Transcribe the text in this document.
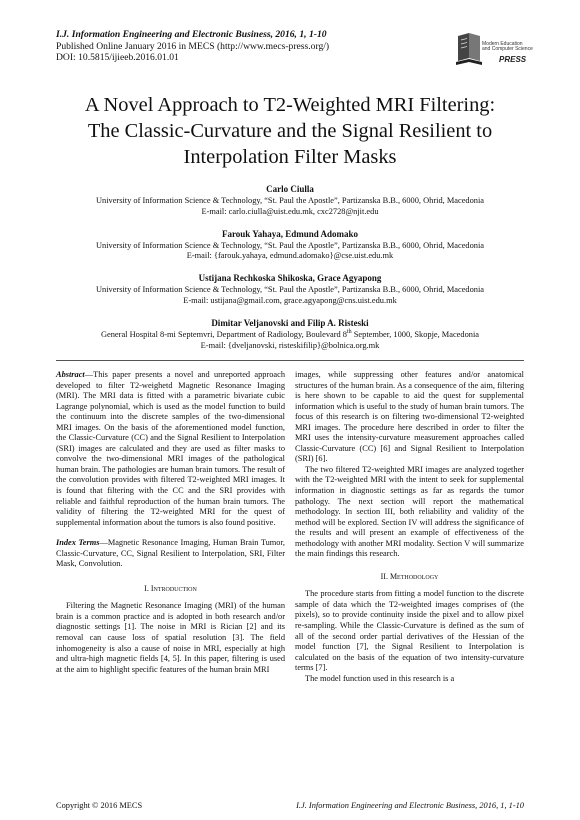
I.J. Information Engineering and Electronic Business, 2016, 1, 1-10
Published Online January 2016 in MECS (http://www.mecs-press.org/)
DOI: 10.5815/ijieeb.2016.01.01
Modern Education
and Computer Science
PRESS
A Novel Approach to T2-Weighted MRI Filtering:
The Classic-Curvature and the Signal Resilient to
Interpolation Filter Masks
Carlo Ciulla
University of Information Science & Technology, “St. Paul the Apostle”, Partizanska B.B., 6000, Ohrid, Macedonia
E-mail: carlo.ciulla@uist.edu.mk, cxc2728@njit.edu
Farouk Yahaya, Edmund Adomako
University of Information Science & Technology, “St. Paul the Apostle”, Partizanska B.B., 6000, Ohrid, Macedonia
E-mail: {farouk.yahaya, edmund.adomako}@cse.uist.edu.mk
Ustijana Rechkoska Shikoska, Grace Agyapong
University of Information Science & Technology, “St. Paul the Apostle”, Partizanska B.B., 6000, Ohrid, Macedonia
E-mail: ustijana@gmail.com, grace.agyapong@cns.uist.edu.mk
Dimitar Veljanovski and Filip A. Risteski
General Hospital 8-mi Septemvri, Department of Radiology, Boulevard 8th September, 1000, Skopje, Macedonia
E-mail: {dveljanovski, risteskifilip}@bolnica.org.mk

Abstract—This paper presents a novel and unreported approach developed to filter T2-weighetd Magnetic Resonance Imaging (MRI). The MRI data is fitted with a parametric bivariate cubic Lagrange polynomial, which is used as the model function to build the continuum into the discrete samples of the two-dimensional MRI images. On the basis of the aforementioned model function, the Classic-Curvature (CC) and the Signal Resilient to Interpolation (SRI) images are calculated and they are used as filter masks to convolve the two-dimensional MRI images of the pathological human brain. The pathologies are human brain tumors. The result of the convolution provides with filtered T2-weighted MRI images. It is found that filtering with the CC and the SRI provides with reliable and faithful reproduction of the human brain tumors. The validity of filtering the T2-weighted MRI for the quest of supplemental information about the tumors is also found positive.

Index Terms—Magnetic Resonance Imaging, Human Brain Tumor, Classic-Curvature, CC, Signal Resilient to Interpolation, SRI, Filter Mask, Convolution.

I. Introduction

Filtering the Magnetic Resonance Imaging (MRI) of the human brain is a common practice and is adopted in both research and/or diagnostic settings [1]. The noise in MRI is Rician [2] and its removal can cause loss of spatial resolution [3]. The field inhomogeneity is also a cause of noise in MRI, especially at high and ultra-high magnetic fields [4, 5]. In this paper, filtering is used at the aim to highlight specific features of the human brain MRI

images, while suppressing other features and/or anatomical structures of the human brain. As a consequence of the aim, filtering is here shown to be capable to aid the quest for supplemental information which is useful to the study of human brain tumors. The focus of this research is on filtering two-dimensional T2-weighted MRI images. The procedure here described in order to filter the MRI uses the intensity-curvature measurement approaches called Classic-Curvature (CC) [6] and Signal Resilient to Interpolation (SRI) [6].

The two filtered T2-weighted MRI images are analyzed together with the T2-weighted MRI with the intent to seek for supplemental information in diagnostic settings as far as regards the tumor pathology. The next section will report the mathematical methodology. In section III, both reliability and validity of the method will be explored. Section IV will address the significance of the results and will present an example of effectiveness of the methodology with another MRI modality. Section V will summarize the main findings this research.

II. Methodology

The procedure starts from fitting a model function to the discrete sample of data which the T2-weighted images comprises of (the pixels), so to provide continuity inside the pixel and to allow pixel re-sampling. While the Classic-Curvature is defined as the sum of all of the second order partial derivatives of the Hessian of the model function [7], the Signal Resilient to Interpolation is calculated on the basis of the equation of two intensity-curvature terms [7].

The model function used in this research is a

Copyright © 2016 MECS	I.J. Information Engineering and Electronic Business, 2016, 1, 1-10
